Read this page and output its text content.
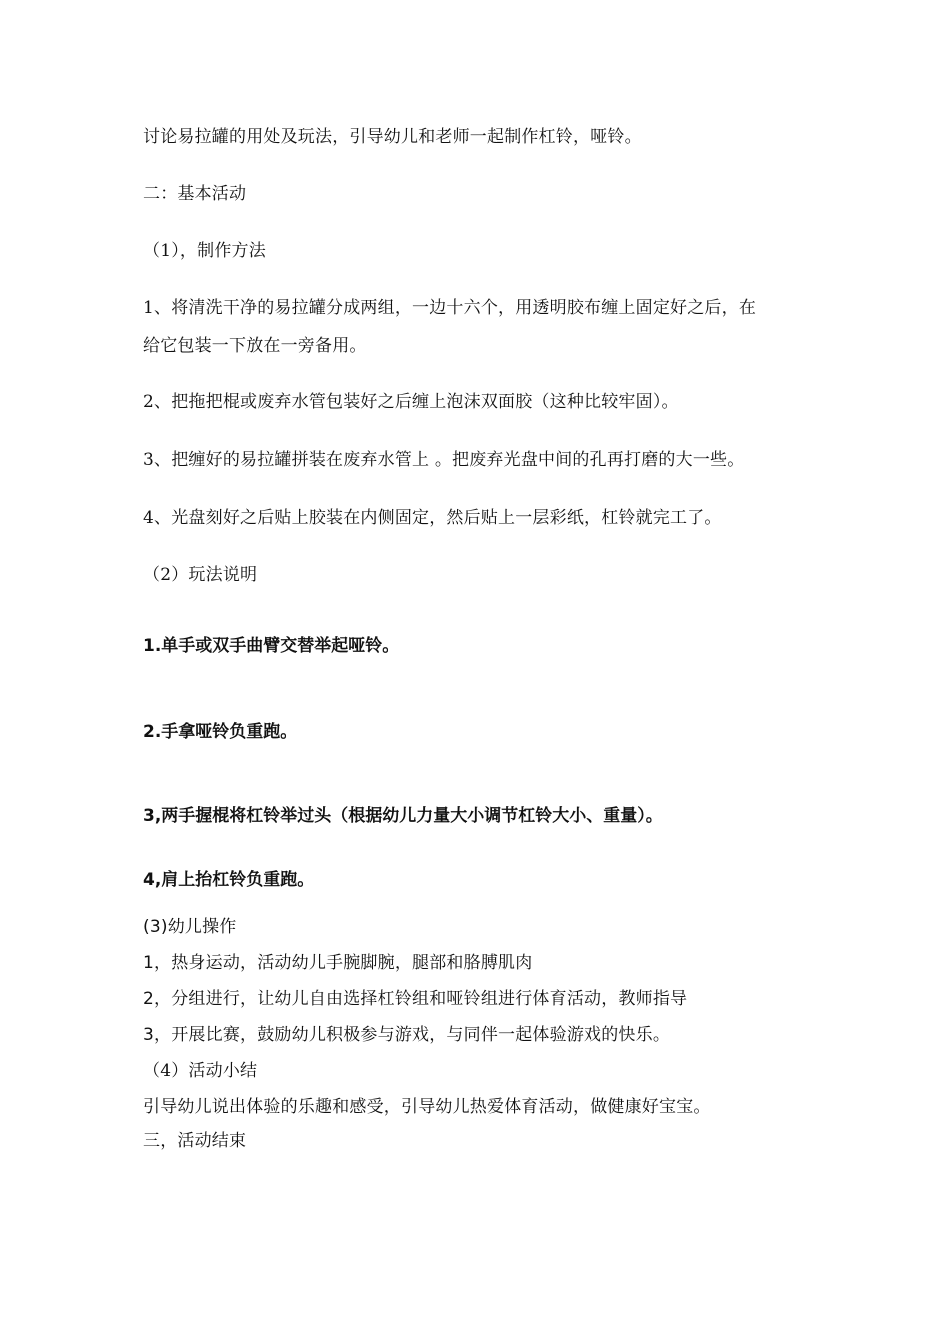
讨论易拉罐的用处及玩法，引导幼儿和老师一起制作杠铃，哑铃。
二：基本活动
（1），制作方法
1、将清洗干净的易拉罐分成两组，一边十六个，用透明胶布缠上固定好之后，在
给它包装一下放在一旁备用。
2、把拖把棍或废弃水管包装好之后缠上泡沫双面胶（这种比较牢固）。
3、把缠好的易拉罐拼装在废弃水管上 。把废弃光盘中间的孔再打磨的大一些。
4、光盘刻好之后贴上胶装在内侧固定，然后贴上一层彩纸，杠铃就完工了。
（2）玩法说明
1.单手或双手曲臂交替举起哑铃。
2.手拿哑铃负重跑。
3,两手握棍将杠铃举过头（根据幼儿力量大小调节杠铃大小、重量）。
4,肩上抬杠铃负重跑。
(3)幼儿操作
1，热身运动，活动幼儿手腕脚腕，腿部和胳膊肌肉
2，分组进行，让幼儿自由选择杠铃组和哑铃组进行体育活动，教师指导
3，开展比赛，鼓励幼儿积极参与游戏，与同伴一起体验游戏的快乐。
（4）活动小结
引导幼儿说出体验的乐趣和感受，引导幼儿热爱体育活动，做健康好宝宝。
三，活动结束
